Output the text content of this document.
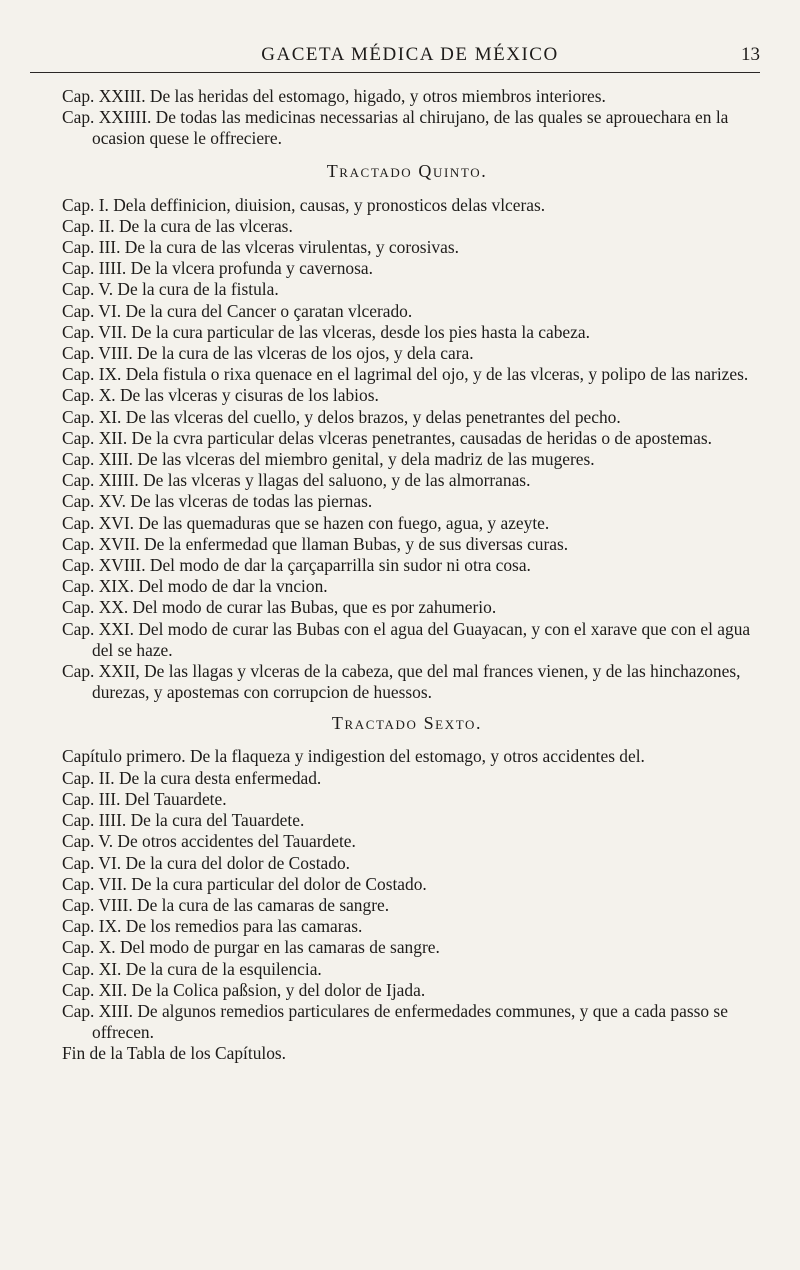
GACETA MÉDICA DE MÉXICO	13

Cap. XXIII. De las heridas del estomago, higado, y otros miembros interiores.

Cap. XXIIII. De todas las medicinas necessarias al chirujano, de las quales se aprouechara en la ocasion quese le offreciere.

Tractado Quinto.

Cap. I. Dela deffinicion, diuision, causas, y pronosticos delas vlceras.

Cap. II. De la cura de las vlceras.

Cap. III. De la cura de las vlceras virulentas, y corosivas.

Cap. IIII. De la vlcera profunda y cavernosa.

Cap. V. De la cura de la fistula.

Cap. VI. De la cura del Cancer o çaratan vlcerado.

Cap. VII. De la cura particular de las vlceras, desde los pies hasta la cabeza.

Cap. VIII. De la cura de las vlceras de los ojos, y dela cara.

Cap. IX. Dela fistula o rixa quenace en el lagrimal del ojo, y de las vlceras, y polipo de las narizes.

Cap. X. De las vlceras y cisuras de los labios.

Cap. XI. De las vlceras del cuello, y delos brazos, y delas penetrantes del pecho.

Cap. XII. De la cvra particular delas vlceras penetrantes, causadas de heridas o de apostemas.

Cap. XIII. De las vlceras del miembro genital, y dela madriz de las mugeres.

Cap. XIIII. De las vlceras y llagas del saluono, y de las almorranas.

Cap. XV. De las vlceras de todas las piernas.

Cap. XVI. De las quemaduras que se hazen con fuego, agua, y azeyte.

Cap. XVII. De la enfermedad que llaman Bubas, y de sus diversas curas.

Cap. XVIII. Del modo de dar la çarçaparrilla sin sudor ni otra cosa.

Cap. XIX. Del modo de dar la vncion.

Cap. XX. Del modo de curar las Bubas, que es por zahumerio.

Cap. XXI. Del modo de curar las Bubas con el agua del Guayacan, y con el xarave que con el agua del se haze.

Cap. XXII, De las llagas y vlceras de la cabeza, que del mal frances vienen, y de las hinchazones, durezas, y apostemas con corrupcion de huessos.

Tractado Sexto.

Capítulo primero. De la flaqueza y indigestion del estomago, y otros accidentes del.

Cap. II. De la cura desta enfermedad.

Cap. III. Del Tauardete.

Cap. IIII. De la cura del Tauardete.

Cap. V. De otros accidentes del Tauardete.

Cap. VI. De la cura del dolor de Costado.

Cap. VII. De la cura particular del dolor de Costado.

Cap. VIII. De la cura de las camaras de sangre.

Cap. IX. De los remedios para las camaras.

Cap. X. Del modo de purgar en las camaras de sangre.

Cap. XI. De la cura de la esquilencia.

Cap. XII. De la Colica paßsion, y del dolor de Ijada.

Cap. XIII. De algunos remedios particulares de enfermedades communes, y que a cada passo se offrecen.

Fin de la Tabla de los Capítulos.
